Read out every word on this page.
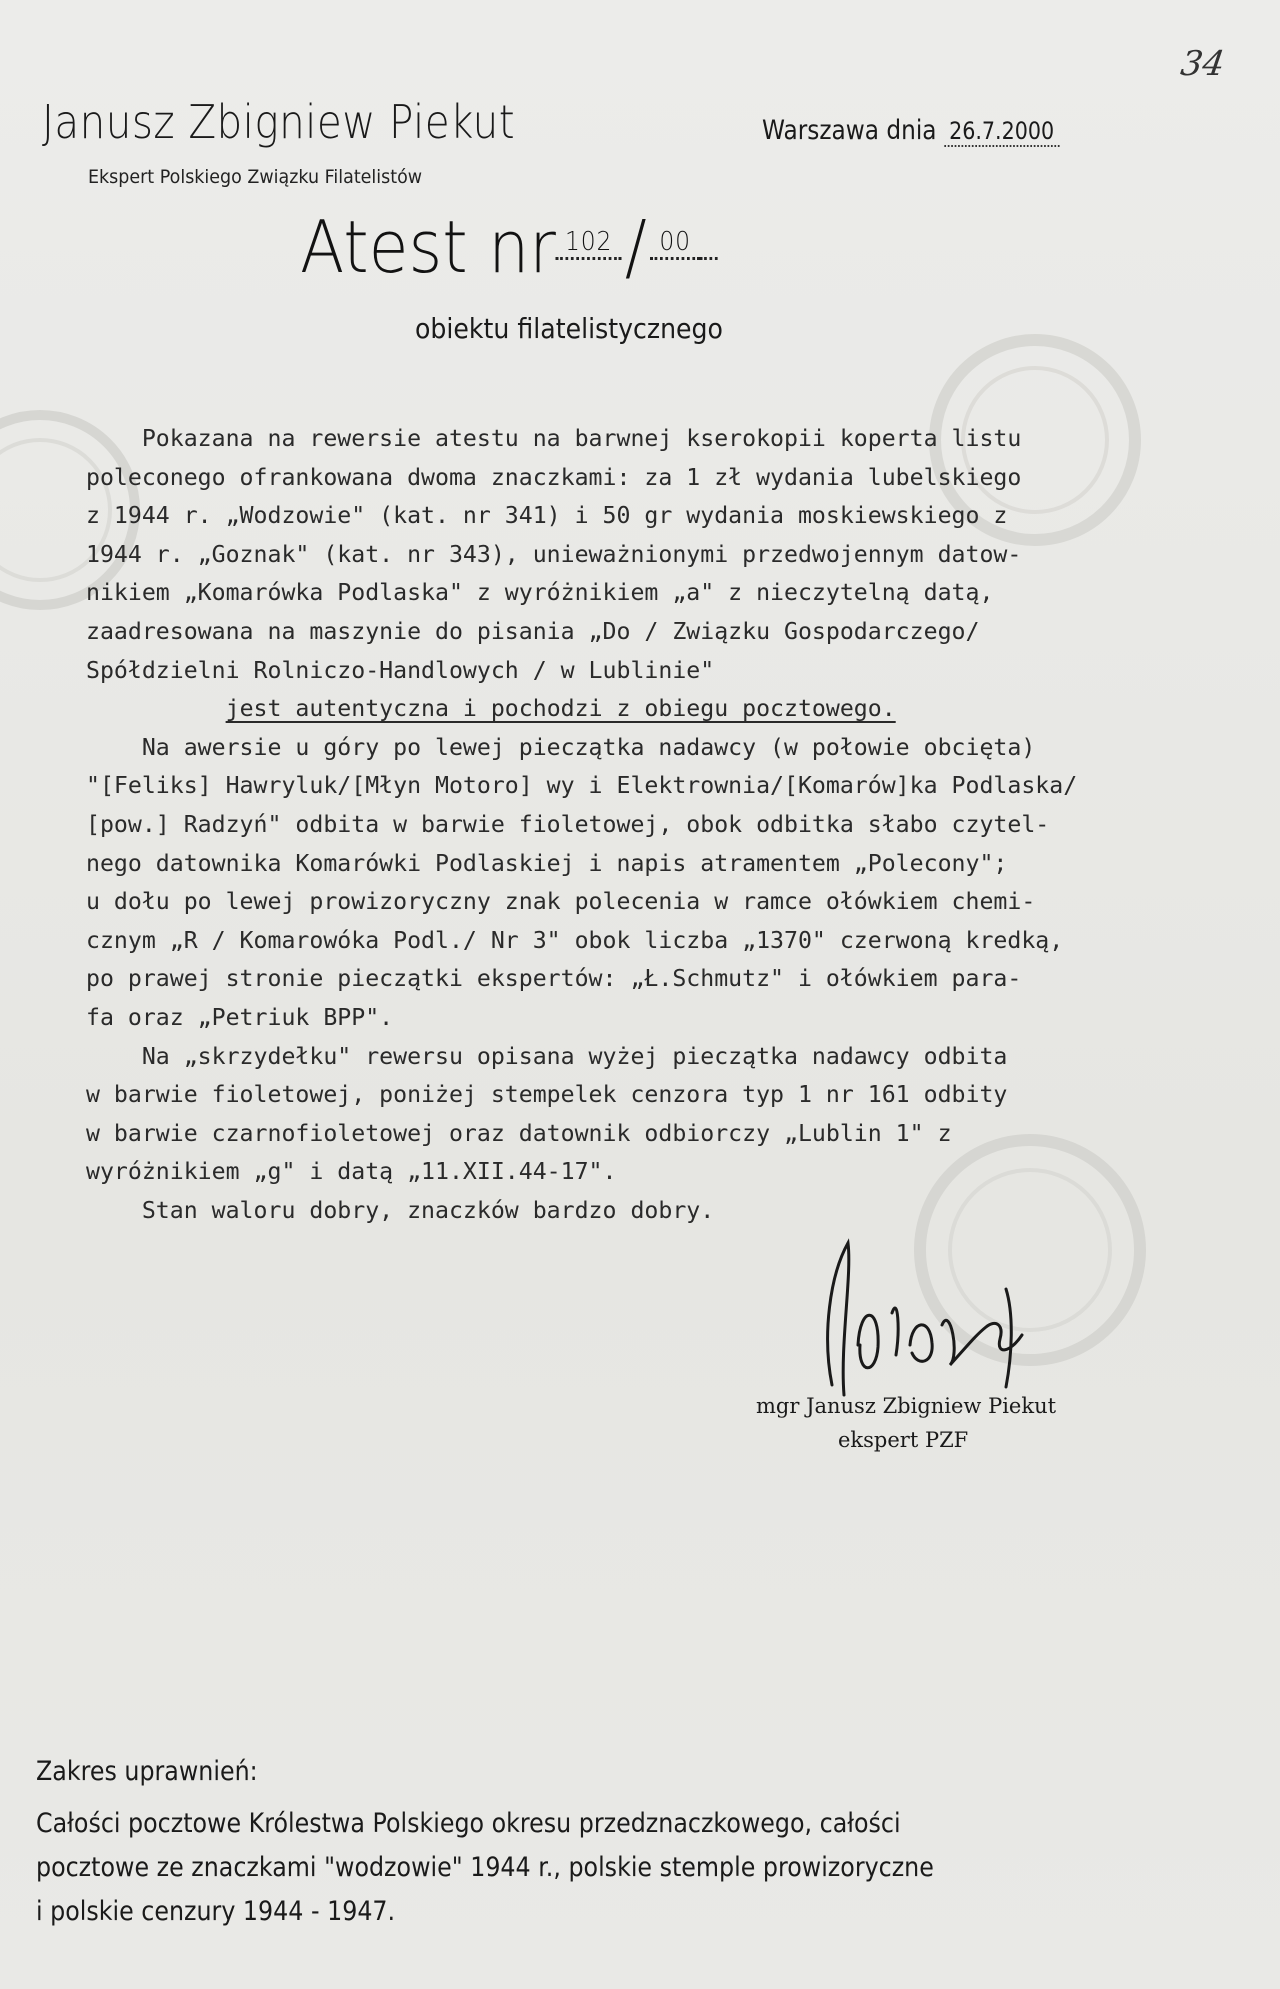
34
Janusz Zbigniew Piekut
Ekspert Polskiego Związku Filatelistów
Warszawa dnia 26.7.2000
Atest nr $^{102}$ / $^{00}$
obiektu filatelistycznego
Pokazana na rewersie atestu na barwnej kserokopii koperta listu
poleconego ofrankowana dwoma znaczkami: za 1 zł wydania lubelskiego
z 1944 r. „Wodzowie" (kat. nr 341) i 50 gr wydania moskiewskiego z
1944 r. „Goznak" (kat. nr 343), unieważnionymi przedwojennym datow-
nikiem „Komarówka Podlaska" z wyróżnikiem „a" z nieczytelną datą,
zaadresowana na maszynie do pisania „Do / Związku Gospodarczego/
Spółdzielni Rolniczo-Handlowych / w Lublinie"
jest autentyczna i pochodzi z obiegu pocztowego.
Na awersie u góry po lewej pieczątka nadawcy (w połowie obcięta)
"[Feliks] Hawryluk/[Młyn Motoro] wy i Elektrownia/[Komarów]ka Podlaska/
[pow.] Radzyń" odbita w barwie fioletowej, obok odbitka słabo czytel-
nego datownika Komarówki Podlaskiej i napis atramentem „Polecony";
u dołu po lewej prowizoryczny znak polecenia w ramce ołówkiem chemi-
cznym „R / Komarowóka Podl./ Nr 3" obok liczba „1370" czerwoną kredką,
po prawej stronie pieczątki ekspertów: „Ł.Schmutz" i ołówkiem para-
fa oraz „Petriuk BPP".
Na „skrzydełku" rewersu opisana wyżej pieczątka nadawcy odbita
w barwie fioletowej, poniżej stempelek cenzora typ 1 nr 161 odbity
w barwie czarnofioletowej oraz datownik odbiorczy „Lublin 1" z
wyróżnikiem „g" i datą „11.XII.44-17".
Stan waloru dobry, znaczków bardzo dobry.
mgr Janusz Zbigniew Piekut
ekspert PZF
Zakres uprawnień:
Całości pocztowe Królestwa Polskiego okresu przedznaczkowego, całości
pocztowe ze znaczkami "wodzowie" 1944 r., polskie stemple prowizoryczne
i polskie cenzury 1944 - 1947.
